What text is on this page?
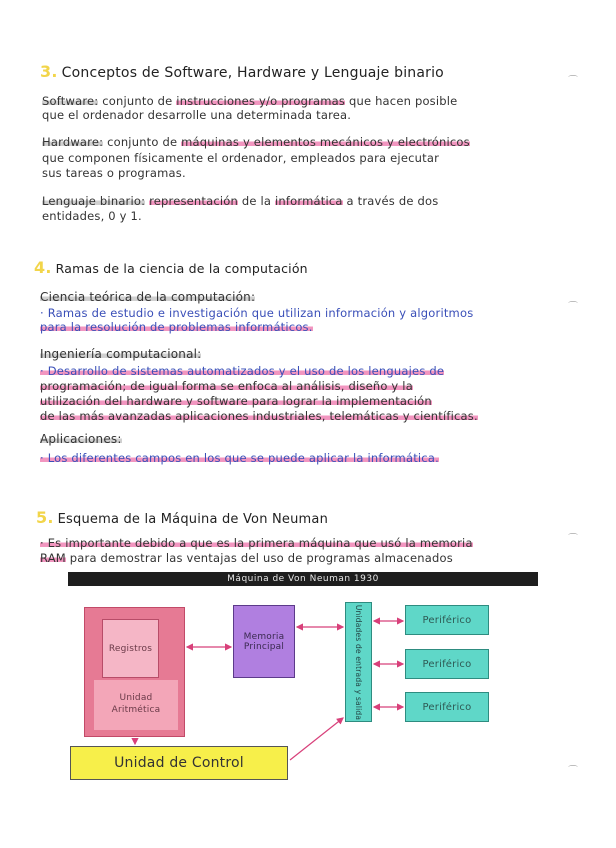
3. Conceptos de Software, Hardware y Lenguaje binario
Software: conjunto de instrucciones y/o programas que hacen posible
que el ordenador desarrolle una determinada tarea.
Hardware: conjunto de máquinas y elementos mecánicos y electrónicos
que componen físicamente el ordenador, empleados para ejecutar
sus tareas o programas.
Lenguaje binario: representación de la informática a través de dos
entidades, 0 y 1.
4. Ramas de la ciencia de la computación
Ciencia teórica de la computación:
· Ramas de estudio e investigación que utilizan información y algoritmos
para la resolución de problemas informáticos.
Ingeniería computacional:
· Desarrollo de sistemas automatizados y el uso de los lenguajes de
programación; de igual forma se enfoca al análisis, diseño y la
utilización del hardware y software para lograr la implementación
de las más avanzadas aplicaciones industriales, telemáticas y científicas.
Aplicaciones:
· Los diferentes campos en los que se puede aplicar la informática.
5. Esquema de la Máquina de Von Neuman
· Es importante debido a que es la primera máquina que usó la memoria
RAM para demostrar las ventajas del uso de programas almacenados
Máquina de Von Neuman 1930
Registros
Unidad Aritmética
Memoria Principal	Unidades de entrada y salida	Periférico
Periférico
Periférico
Unidad de Control
⌒
⌒
⌒
⌒
